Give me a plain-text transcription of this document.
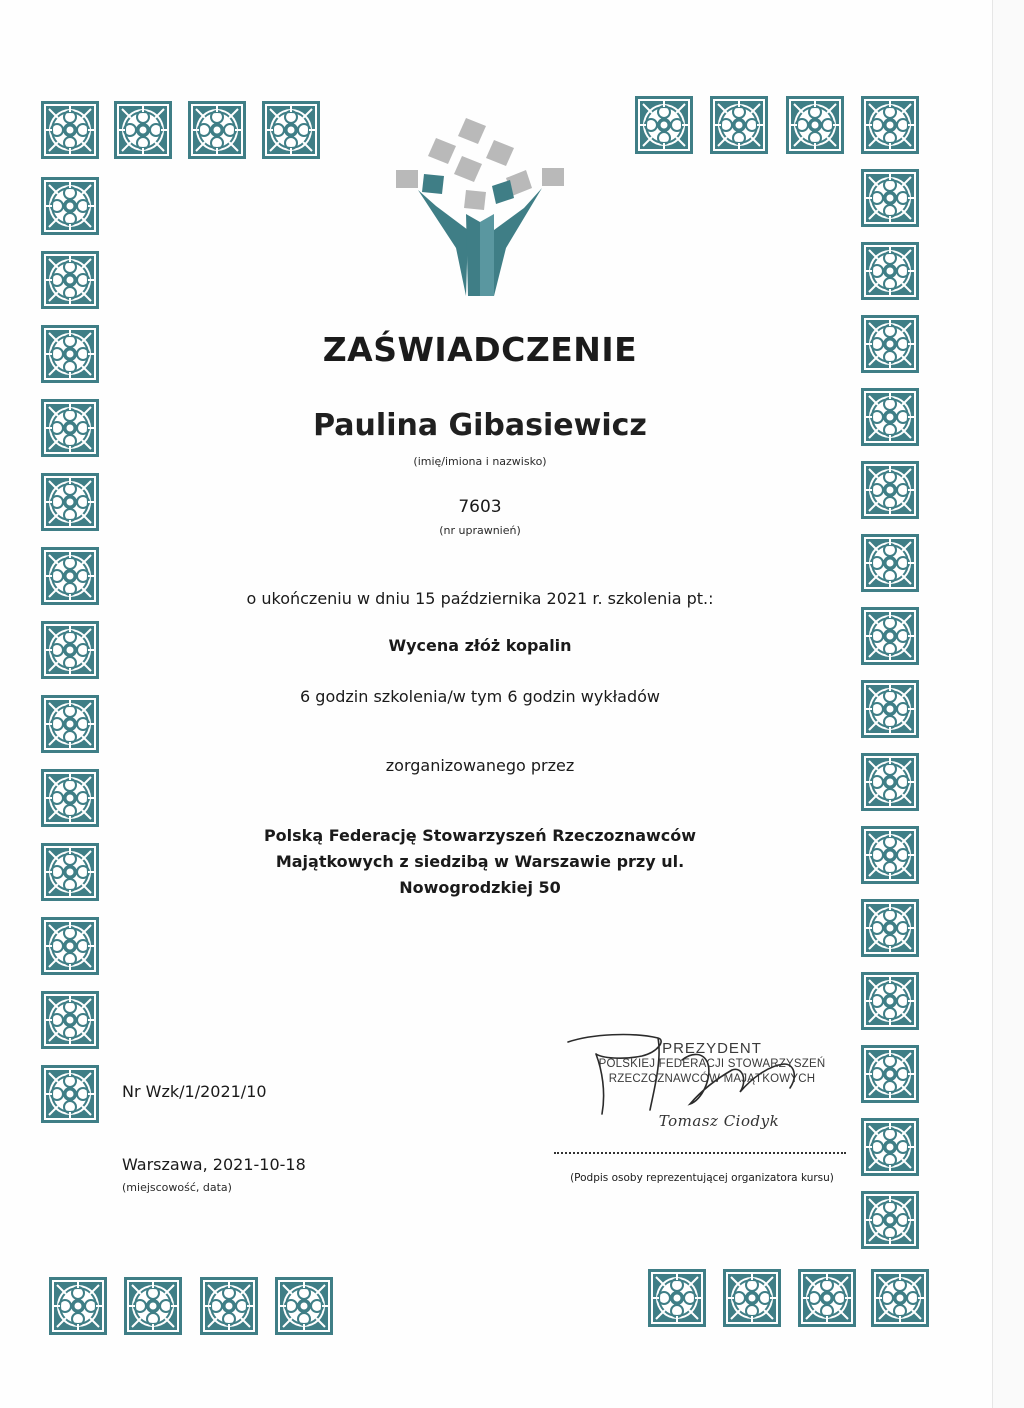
ZAŚWIADCZENIE
Paulina Gibasiewicz
(imię/imiona i nazwisko)
7603
(nr uprawnień)
o ukończeniu w dniu 15 października 2021 r. szkolenia pt.:
Wycena złóż kopalin
6 godzin szkolenia/w tym 6 godzin wykładów
zorganizowanego przez
Polską Federację Stowarzyszeń Rzeczoznawców
Majątkowych z siedzibą w Warszawie przy ul.
Nowogrodzkiej 50
Nr Wzk/1/2021/10
Warszawa, 2021-10-18
(miejscowość, data)
PREZYDENT
POLSKIEJ FEDERACJI STOWARZYSZEŃ
RZECZOZNAWCÓW MAJĄTKOWYCH
Tomasz Ciodyk
(Podpis osoby reprezentującej organizatora kursu)
